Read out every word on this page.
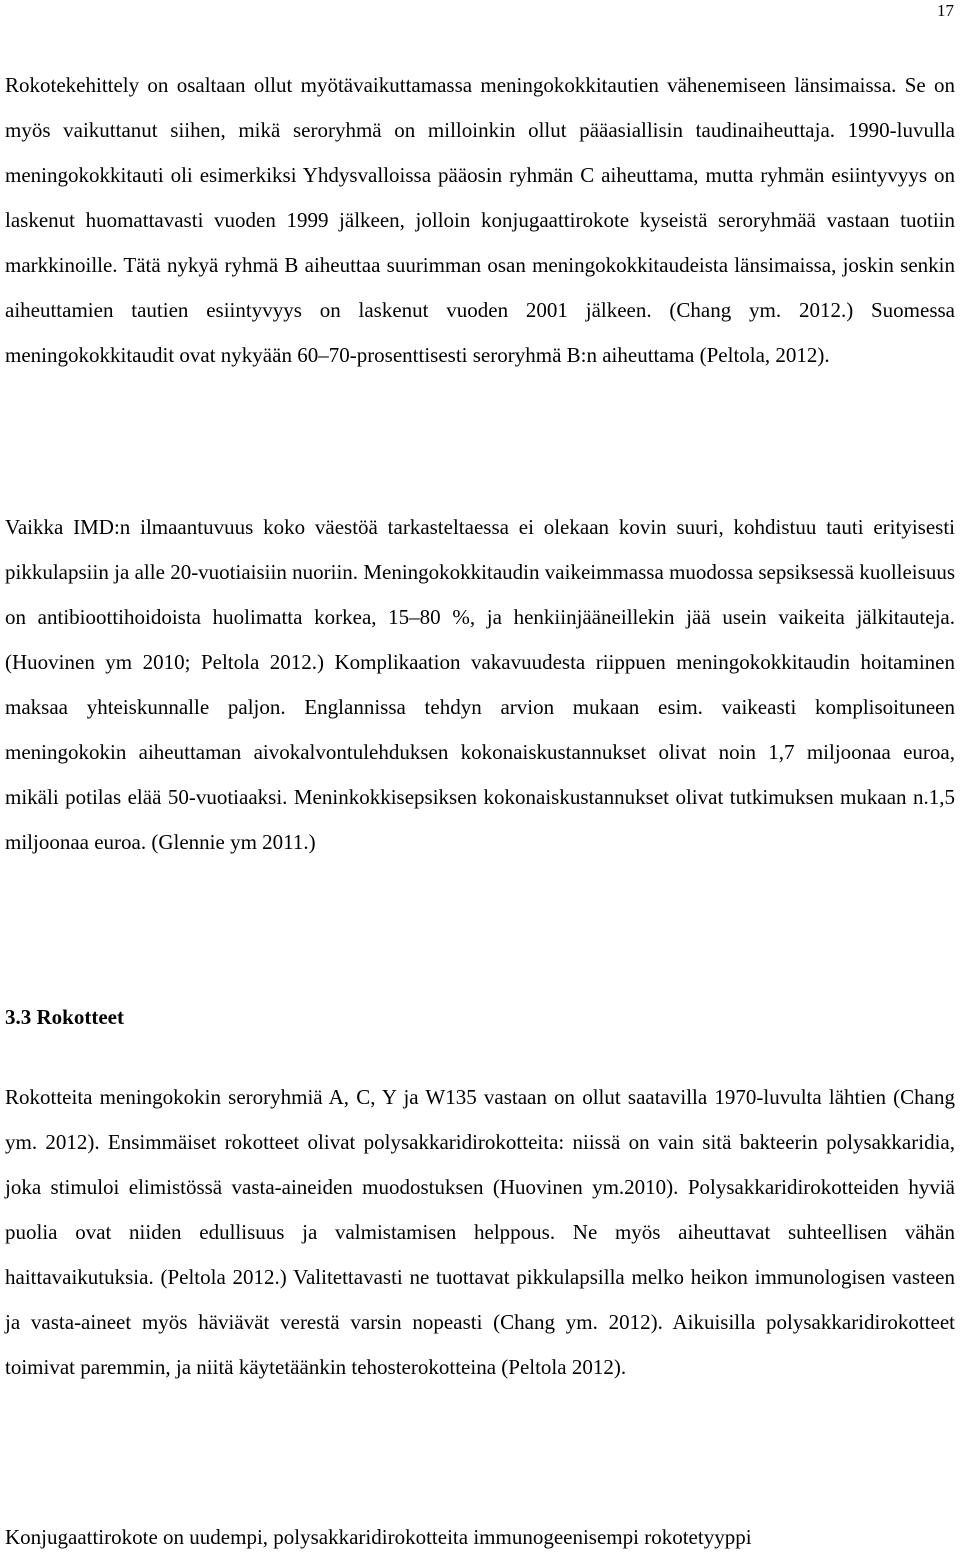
17

Rokotekehittely on osaltaan ollut myötävaikuttamassa meningokokkitautien vähenemiseen länsimaissa. Se on myös vaikuttanut siihen, mikä seroryhmä on milloinkin ollut pääasiallisin taudinaiheuttaja. 1990-luvulla meningokokkitauti oli esimerkiksi Yhdysvalloissa pääosin ryhmän C aiheuttama, mutta ryhmän esiintyvyys on laskenut huomattavasti vuoden 1999 jälkeen, jolloin konjugaattirokote kyseistä seroryhmää vastaan tuotiin markkinoille. Tätä nykyä ryhmä B aiheuttaa suurimman osan meningokokkitaudeista länsimaissa, joskin senkin aiheuttamien tautien esiintyvyys on laskenut vuoden 2001 jälkeen. (Chang ym. 2012.) Suomessa meningokokkitaudit ovat nykyään 60–70-prosenttisesti seroryhmä B:n aiheuttama (Peltola, 2012).

Vaikka IMD:n ilmaantuvuus koko väestöä tarkasteltaessa ei olekaan kovin suuri, kohdistuu tauti erityisesti pikkulapsiin ja alle 20-vuotiaisiin nuoriin. Meningokokkitaudin vaikeimmassa muodossa sepsiksessä kuolleisuus on antibioottihoidoista huolimatta korkea, 15–80 %, ja henkiinjääneillekin jää usein vaikeita jälkitauteja. (Huovinen ym 2010; Peltola 2012.) Komplikaation vakavuudesta riippuen meningokokkitaudin hoitaminen maksaa yhteiskunnalle paljon. Englannissa tehdyn arvion mukaan esim. vaikeasti komplisoituneen meningokokin aiheuttaman aivokalvontulehduksen kokonaiskustannukset olivat noin 1,7 miljoonaa euroa, mikäli potilas elää 50-vuotiaaksi. Meninkokkisepsiksen kokonaiskustannukset olivat tutkimuksen mukaan n.1,5 miljoonaa euroa. (Glennie ym 2011.)

3.3 Rokotteet

Rokotteita meningokokin seroryhmiä A, C, Y ja W135 vastaan on ollut saatavilla 1970-luvulta lähtien (Chang ym. 2012). Ensimmäiset rokotteet olivat polysakkaridirokotteita: niissä on vain sitä bakteerin polysakkaridia, joka stimuloi elimistössä vasta-aineiden muodostuksen (Huovinen ym.2010). Polysakkaridirokotteiden hyviä puolia ovat niiden edullisuus ja valmistamisen helppous. Ne myös aiheuttavat suhteellisen vähän haittavaikutuksia. (Peltola 2012.) Valitettavasti ne tuottavat pikkulapsilla melko heikon immunologisen vasteen ja vasta-aineet myös häviävät verestä varsin nopeasti (Chang ym. 2012). Aikuisilla polysakkaridirokotteet toimivat paremmin, ja niitä käytetäänkin tehosterokotteina (Peltola 2012).

Konjugaattirokote on uudempi, polysakkaridirokotteita immunogeenisempi rokotetyyppi
